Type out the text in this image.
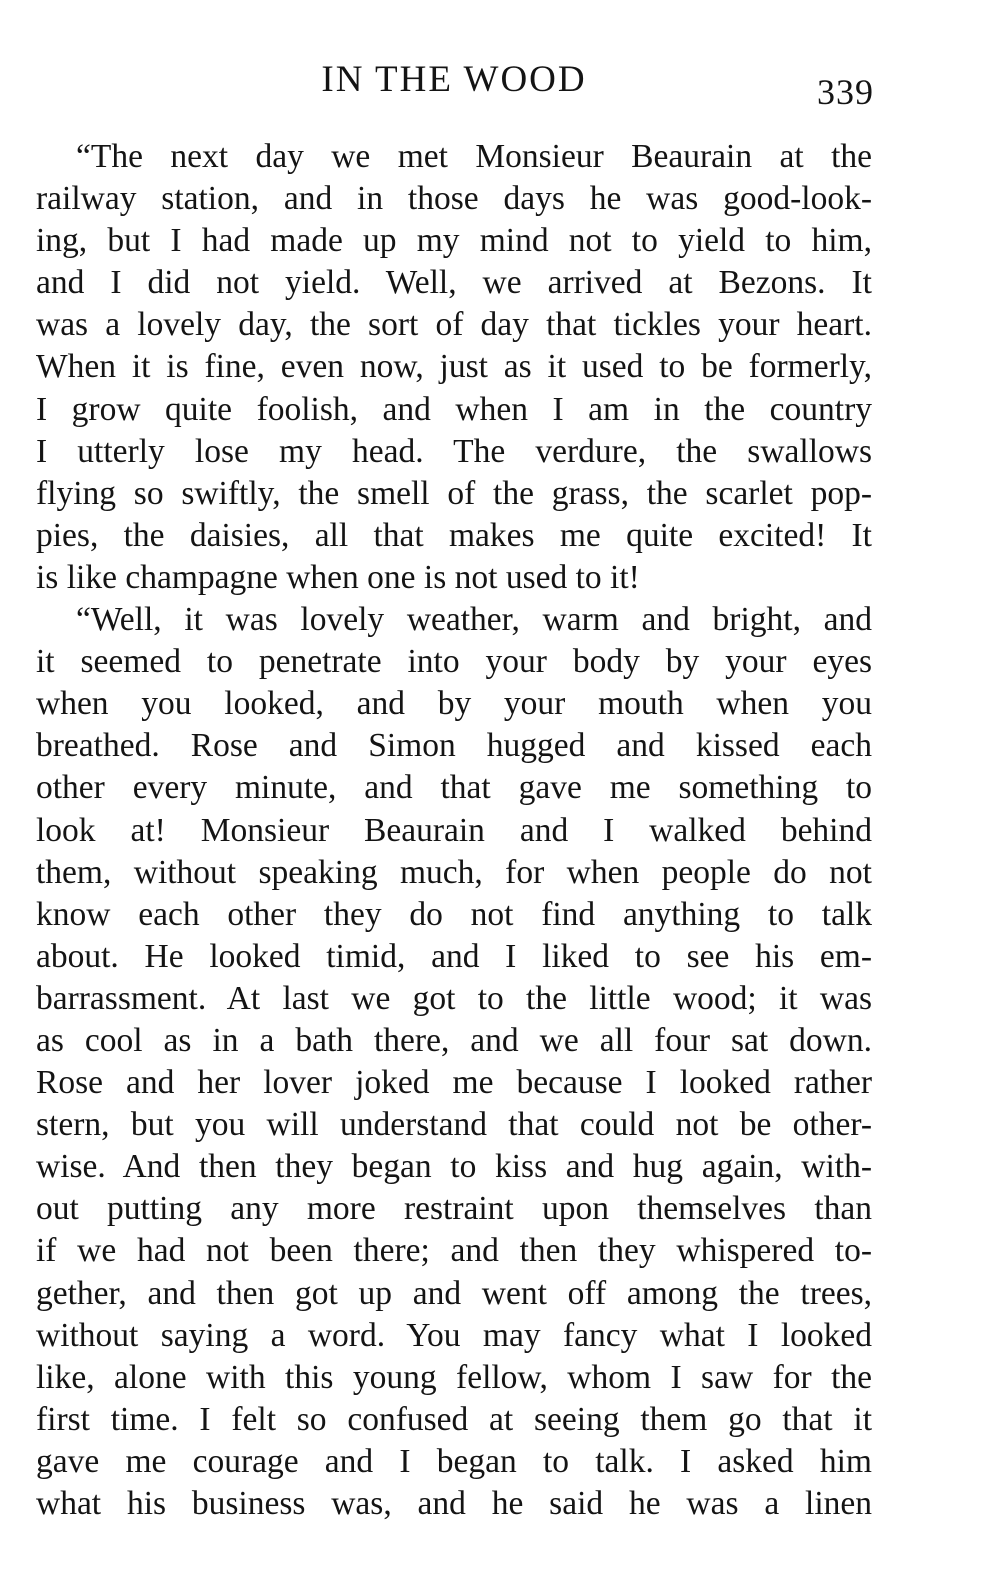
IN THE WOOD	339
“The next day we met Monsieur Beaurain at the
railway station, and in those days he was good-look-
ing, but I had made up my mind not to yield to him,
and I did not yield. Well, we arrived at Bezons. It
was a lovely day, the sort of day that tickles your heart.
When it is fine, even now, just as it used to be formerly,
I grow quite foolish, and when I am in the country
I utterly lose my head. The verdure, the swallows
flying so swiftly, the smell of the grass, the scarlet pop-
pies, the daisies, all that makes me quite excited! It
is like champagne when one is not used to it!
“Well, it was lovely weather, warm and bright, and
it seemed to penetrate into your body by your eyes
when you looked, and by your mouth when you
breathed. Rose and Simon hugged and kissed each
other every minute, and that gave me something to
look at! Monsieur Beaurain and I walked behind
them, without speaking much, for when people do not
know each other they do not find anything to talk
about. He looked timid, and I liked to see his em-
barrassment. At last we got to the little wood; it was
as cool as in a bath there, and we all four sat down.
Rose and her lover joked me because I looked rather
stern, but you will understand that could not be other-
wise. And then they began to kiss and hug again, with-
out putting any more restraint upon themselves than
if we had not been there; and then they whispered to-
gether, and then got up and went off among the trees,
without saying a word. You may fancy what I looked
like, alone with this young fellow, whom I saw for the
first time. I felt so confused at seeing them go that it
gave me courage and I began to talk. I asked him
what his business was, and he said he was a linen
